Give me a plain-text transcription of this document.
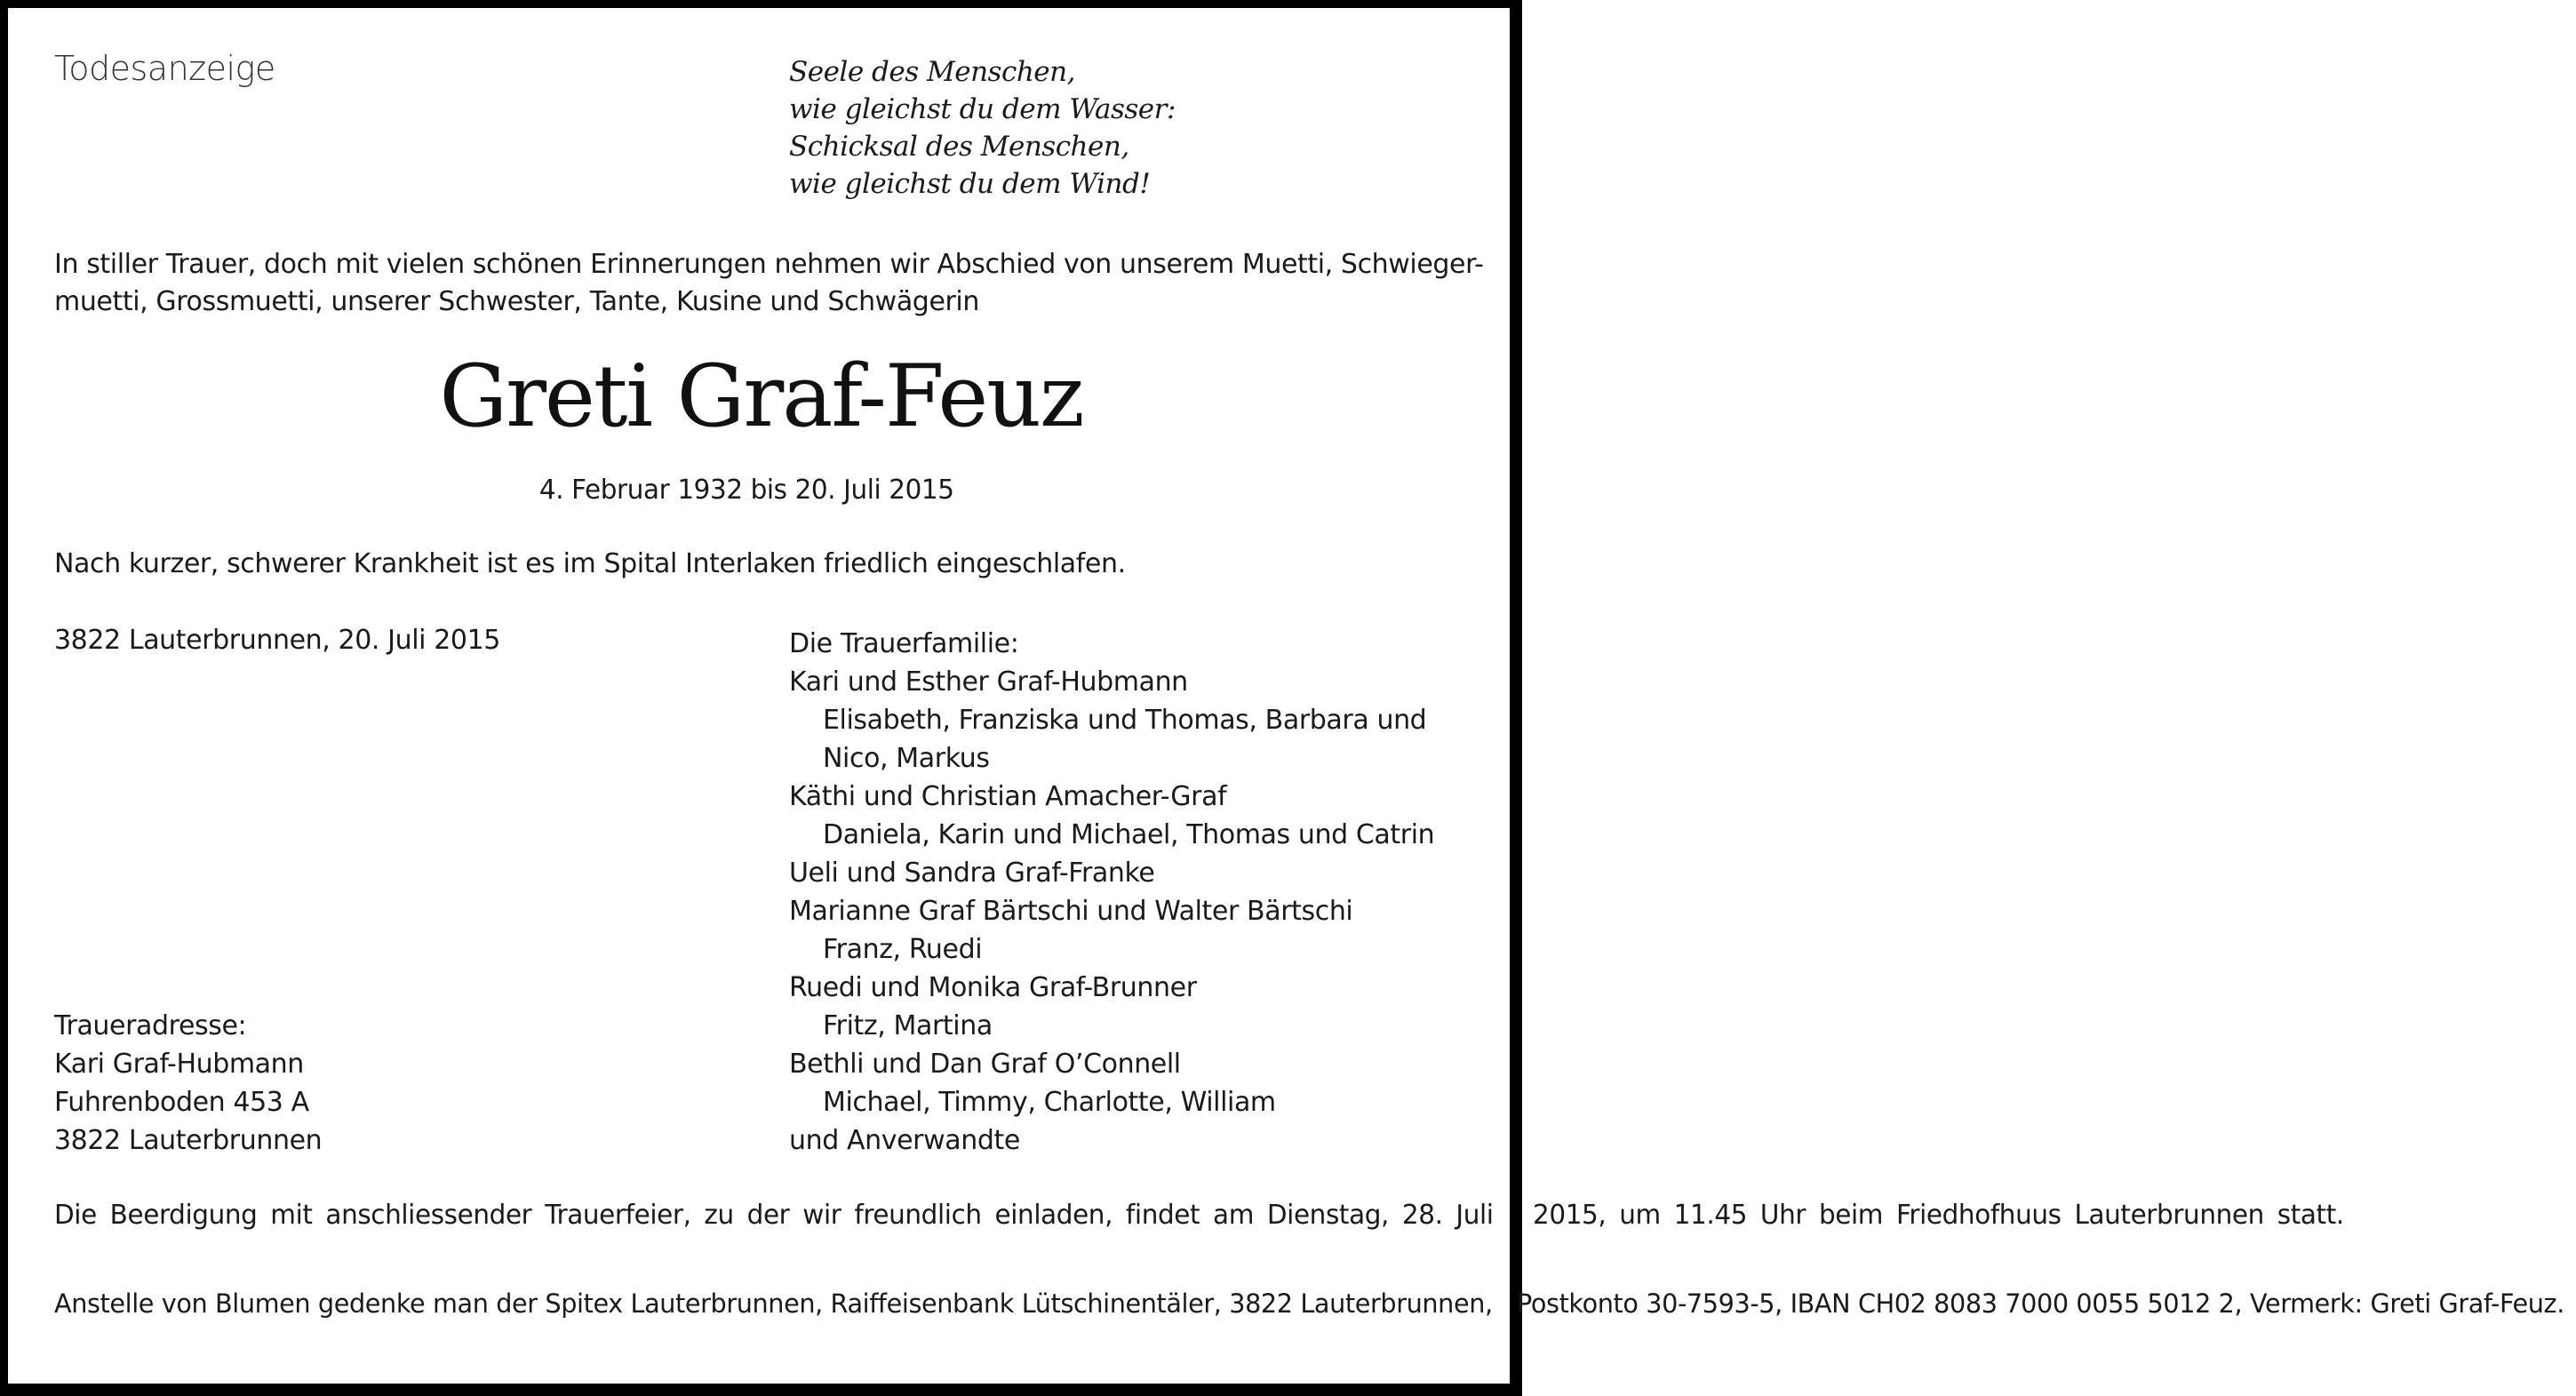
Todesanzeige	Seele des Menschen,
wie gleichst du dem Wasser:
Schicksal des Menschen,
wie gleichst du dem Wind!
In stiller Trauer, doch mit vielen schönen Erinnerungen nehmen wir Abschied von unserem Muetti, Schwieger-
muetti, Grossmuetti, unserer Schwester, Tante, Kusine und Schwägerin
Greti Graf-Feuz
4. Februar 1932 bis 20. Juli 2015
Nach kurzer, schwerer Krankheit ist es im Spital Interlaken friedlich eingeschlafen.
3822 Lauterbrunnen, 20. Juli 2015	Die Trauerfamilie:
Kari und Esther Graf-Hubmann
Elisabeth, Franziska und Thomas, Barbara und
Nico, Markus
Käthi und Christian Amacher-Graf
Daniela, Karin und Michael, Thomas und Catrin
Ueli und Sandra Graf-Franke
Marianne Graf Bärtschi und Walter Bärtschi
Franz, Ruedi
Ruedi und Monika Graf-Brunner
Fritz, Martina
Bethli und Dan Graf O’Connell
Michael, Timmy, Charlotte, William
und Anverwandte
Traueradresse:
Kari Graf-Hubmann
Fuhrenboden 453 A
3822 Lauterbrunnen
Die Beerdigung mit anschliessender Trauerfeier, zu der wir freundlich einladen, findet am Dienstag, 28. Juli 2015, um 11.45 Uhr beim Friedhofhuus Lauterbrunnen statt.
Anstelle von Blumen gedenke man der Spitex Lauterbrunnen, Raiffeisenbank Lütschinentäler, 3822 Lauterbrunnen, Postkonto 30-7593-5, IBAN CH02 8083 7000 0055 5012 2, Vermerk: Greti Graf-Feuz.
